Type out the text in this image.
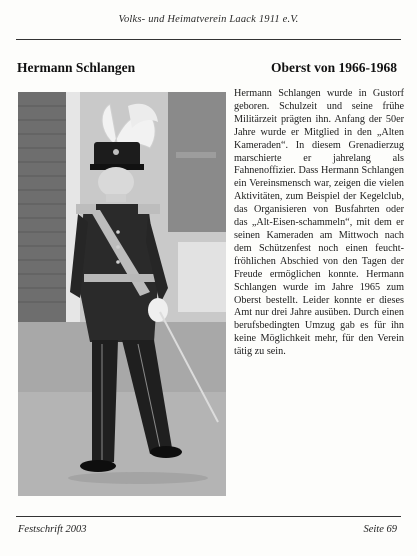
Volks- und Heimatverein Laack 1911 e.V.
Hermann Schlangen	Oberst von 1966-1968
Hermann Schlangen wurde in Gustorf geboren. Schulzeit und seine frühe Militärzeit prägten ihn. Anfang der 50er Jahre wurde er Mitglied in den „Alten Kameraden“. In diesem Grenadierzug marschierte er jahrelang als Fahnenoffizier. Dass Hermann Schlangen ein Vereinsmensch war, zeigen die vielen Aktivitäten, zum Beispiel der Kegelclub, das Organisieren von Busfahrten oder das „Alt-Eisen-schammeln“, mit dem er seinen Kameraden am Mittwoch nach dem Schützenfest noch einen feucht-fröhlichen Abschied von den Tagen der Freude ermöglichen konnte. Hermann Schlangen wurde im Jahre 1965 zum Oberst bestellt. Leider konnte er dieses Amt nur drei Jahre ausüben. Durch einen berufsbedingten Umzug gab es für ihn keine Möglichkeit mehr, für den Verein tätig zu sein.
Festschrift 2003	Seite 69
